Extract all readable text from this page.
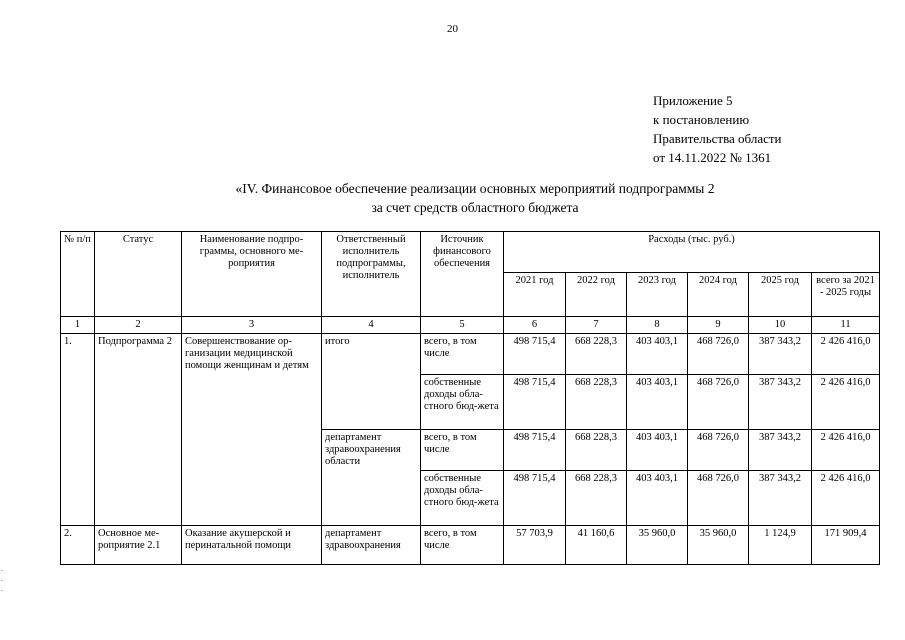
20
Приложение 5
к постановлению
Правительства области
от 14.11.2022 № 1361
«IV. Финансовое обеспечение реализации основных мероприятий подпрограммы 2
за счет средств областного бюджета
№ п/п	Статус	Наименование подпро-граммы, основного ме-роприятия	Ответственный исполнитель подпрограммы, исполнитель	Источник финансового обеспечения	Расходы (тыс. руб.)					
					2021 год	2022 год	2023 год	2024 год	2025 год	всего за 2021 - 2025 годы
1	2	3	4	5	6	7	8	9	10	11
1.	Подпрограмма 2	Совершенствование ор-ганизации медицинской помощи женщинам и детям	итого	всего, в том числе	498 715,4	668 228,3	403 403,1	468 726,0	387 343,2	2 426 416,0
				собственные доходы обла-стного бюд-жета	498 715,4	668 228,3	403 403,1	468 726,0	387 343,2	2 426 416,0
			департамент здравоохранения области	всего, в том числе	498 715,4	668 228,3	403 403,1	468 726,0	387 343,2	2 426 416,0
				собственные доходы обла-стного бюд-жета	498 715,4	668 228,3	403 403,1	468 726,0	387 343,2	2 426 416,0
2.	Основное ме-роприятие 2.1	Оказание акушерской и перинатальной помощи	департамент здравоохранения	всего, в том числе	57 703,9	41 160,6	35 960,0	35 960,0	1 124,9	171 909,4
-
-
-
